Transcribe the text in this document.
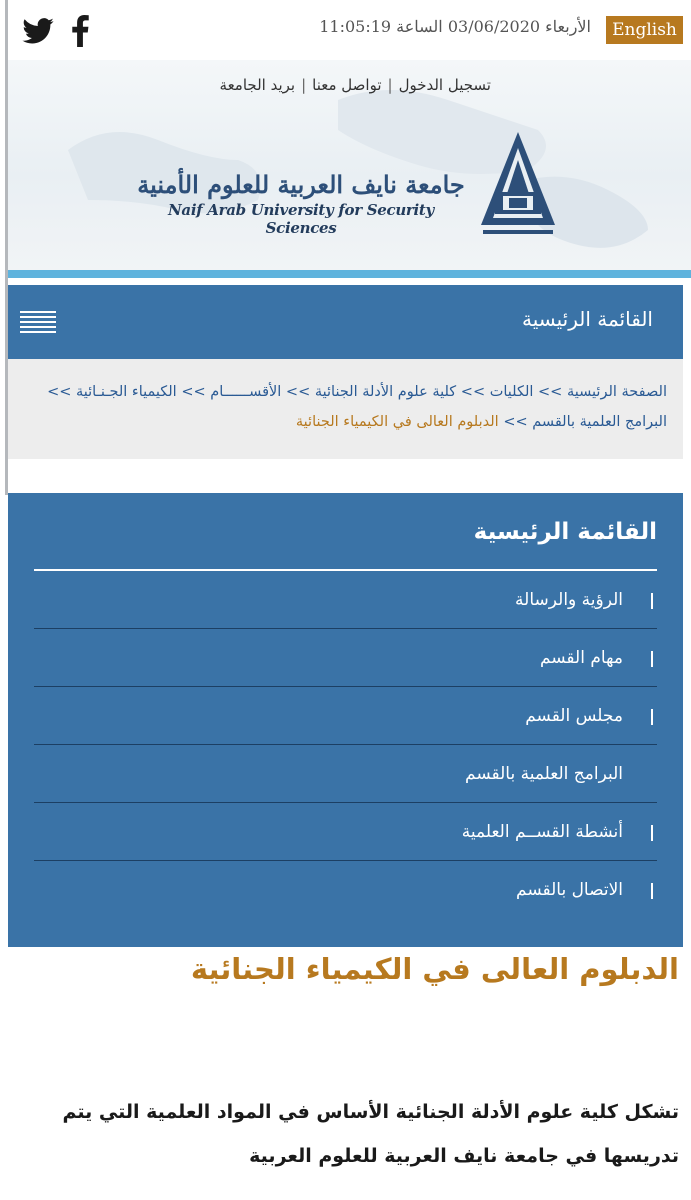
الأربعاء 03/06/2020 الساعة 11:05:19	English
تسجيل الدخول
|
تواصل معنا
|
بريد الجامعة
جامعة نايف العربية للعلوم الأمنية
Naif Arab University for Security Sciences
القائمة الرئيسية
الصفحة الرئيسية >> الكليات >> كلية علوم الأدلة الجنائية >> الأقســــــام >> الكيمياء الجـنـائية >> البرامج العلمية بالقسم >> الدبلوم العالى في الكيمياء الجنائية
القائمة الرئيسية
الرؤية والرسالة
مهام القسم
مجلس القسم
البرامج العلمية بالقسم
أنشطة القســم العلمية
الاتصال بالقسم
الدبلوم العالى في الكيمياء الجنائية
تشكل كلية علوم الأدلة الجنائية الأساس في المواد العلمية التي يتم تدريسها في جامعة نايف العربية للعلوم العربية
